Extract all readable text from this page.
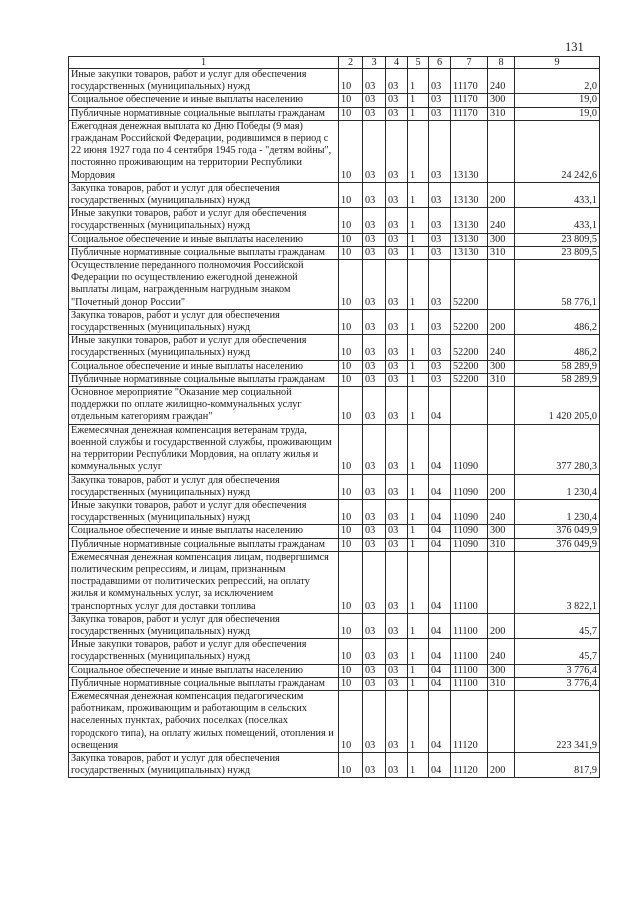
131
1	2	3	4	5	6	7	8	9
Иные закупки товаров, работ и услуг для обеспечения государственных (муниципальных) нужд	10	03	03	1	03	11170	240	2,0
Социальное обеспечение и иные выплаты населению	10	03	03	1	03	11170	300	19,0
Публичные нормативные социальные выплаты гражданам	10	03	03	1	03	11170	310	19,0
Ежегодная денежная выплата ко Дню Победы (9 мая) гражданам Российской Федерации, родившимся в период с 22 июня 1927 года по 4 сентября 1945 года - "детям войны", постоянно проживающим на территории Республики Мордовия	10	03	03	1	03	13130		24 242,6
Закупка товаров, работ и услуг для обеспечения государственных (муниципальных) нужд	10	03	03	1	03	13130	200	433,1
Иные закупки товаров, работ и услуг для обеспечения государственных (муниципальных) нужд	10	03	03	1	03	13130	240	433,1
Социальное обеспечение и иные выплаты населению	10	03	03	1	03	13130	300	23 809,5
Публичные нормативные социальные выплаты гражданам	10	03	03	1	03	13130	310	23 809,5
Осуществление переданного полномочия Российской Федерации по осуществлению ежегодной денежной выплаты лицам, награжденным нагрудным знаком "Почетный донор России"	10	03	03	1	03	52200		58 776,1
Закупка товаров, работ и услуг для обеспечения государственных (муниципальных) нужд	10	03	03	1	03	52200	200	486,2
Иные закупки товаров, работ и услуг для обеспечения государственных (муниципальных) нужд	10	03	03	1	03	52200	240	486,2
Социальное обеспечение и иные выплаты населению	10	03	03	1	03	52200	300	58 289,9
Публичные нормативные социальные выплаты гражданам	10	03	03	1	03	52200	310	58 289,9
Основное мероприятие "Оказание мер социальной поддержки по оплате жилищно-коммунальных услуг отдельным категориям граждан"	10	03	03	1	04			1 420 205,0
Ежемесячная денежная компенсация ветеранам труда, военной службы и государственной службы, проживающим на территории Республики Мордовия, на оплату жилья и коммунальных услуг	10	03	03	1	04	11090		377 280,3
Закупка товаров, работ и услуг для обеспечения государственных (муниципальных) нужд	10	03	03	1	04	11090	200	1 230,4
Иные закупки товаров, работ и услуг для обеспечения государственных (муниципальных) нужд	10	03	03	1	04	11090	240	1 230,4
Социальное обеспечение и иные выплаты населению	10	03	03	1	04	11090	300	376 049,9
Публичные нормативные социальные выплаты гражданам	10	03	03	1	04	11090	310	376 049,9
Ежемесячная денежная компенсация лицам, подвергшимся политическим репрессиям, и лицам, признанным пострадавшими от политических репрессий, на оплату жилья и коммунальных услуг, за исключением транспортных услуг для доставки топлива	10	03	03	1	04	11100		3 822,1
Закупка товаров, работ и услуг для обеспечения государственных (муниципальных) нужд	10	03	03	1	04	11100	200	45,7
Иные закупки товаров, работ и услуг для обеспечения государственных (муниципальных) нужд	10	03	03	1	04	11100	240	45,7
Социальное обеспечение и иные выплаты населению	10	03	03	1	04	11100	300	3 776,4
Публичные нормативные социальные выплаты гражданам	10	03	03	1	04	11100	310	3 776,4
Ежемесячная денежная компенсация педагогическим работникам, проживающим и работающим в сельских населенных пунктах, рабочих поселках (поселках городского типа), на оплату жилых помещений, отопления и освещения	10	03	03	1	04	11120		223 341,9
Закупка товаров, работ и услуг для обеспечения государственных (муниципальных) нужд	10	03	03	1	04	11120	200	817,9
